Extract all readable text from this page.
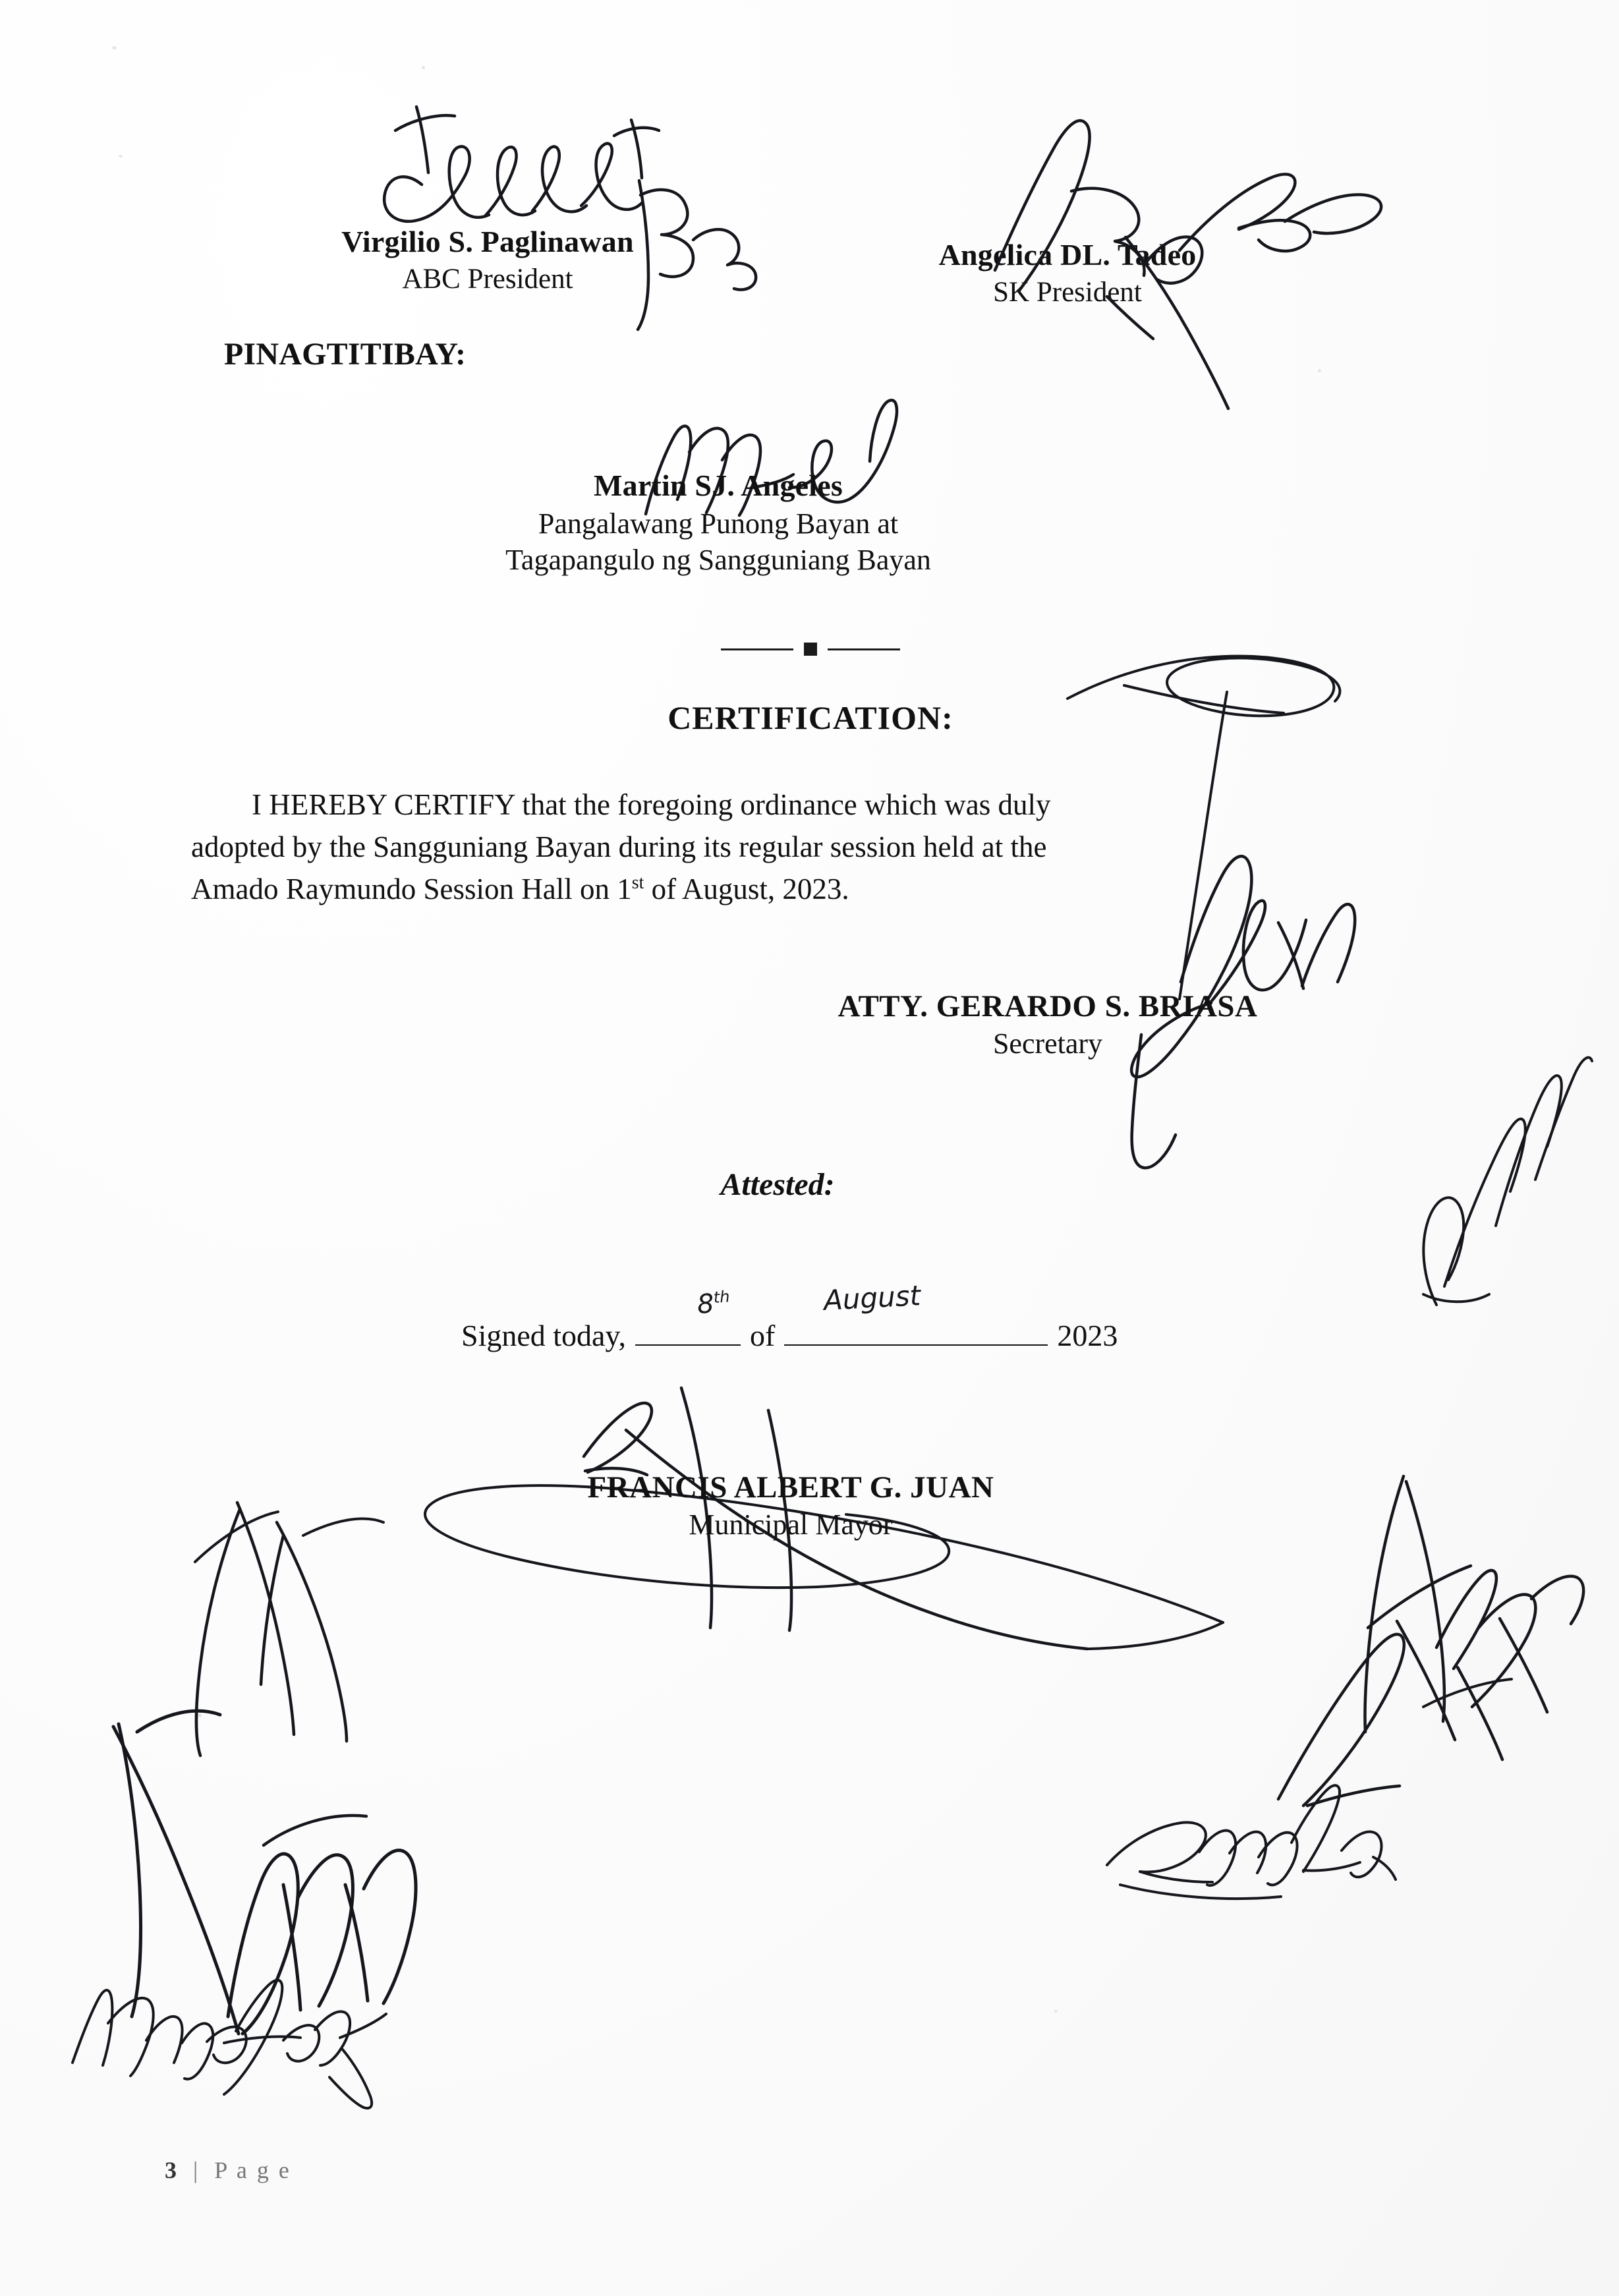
Virgilio S. Paglinawan
ABC President
Angelica DL. Tadeo
SK President
PINAGTITIBAY:
Martin SJ. Angeles
Pangalawang Punong Bayan at
Tagapangulo ng Sangguniang Bayan
CERTIFICATION:
I HEREBY CERTIFY that the foregoing ordinance which was duly
adopted by the Sangguniang Bayan during its regular session held at the
Amado Raymundo Session Hall on 1st of August, 2023.
ATTY. GERARDO S. BRIASA
Secretary
Attested:
Signed today,	of	2023
8th	August
FRANCIS ALBERT G. JUAN
Municipal Mayor
3 | P a g e
